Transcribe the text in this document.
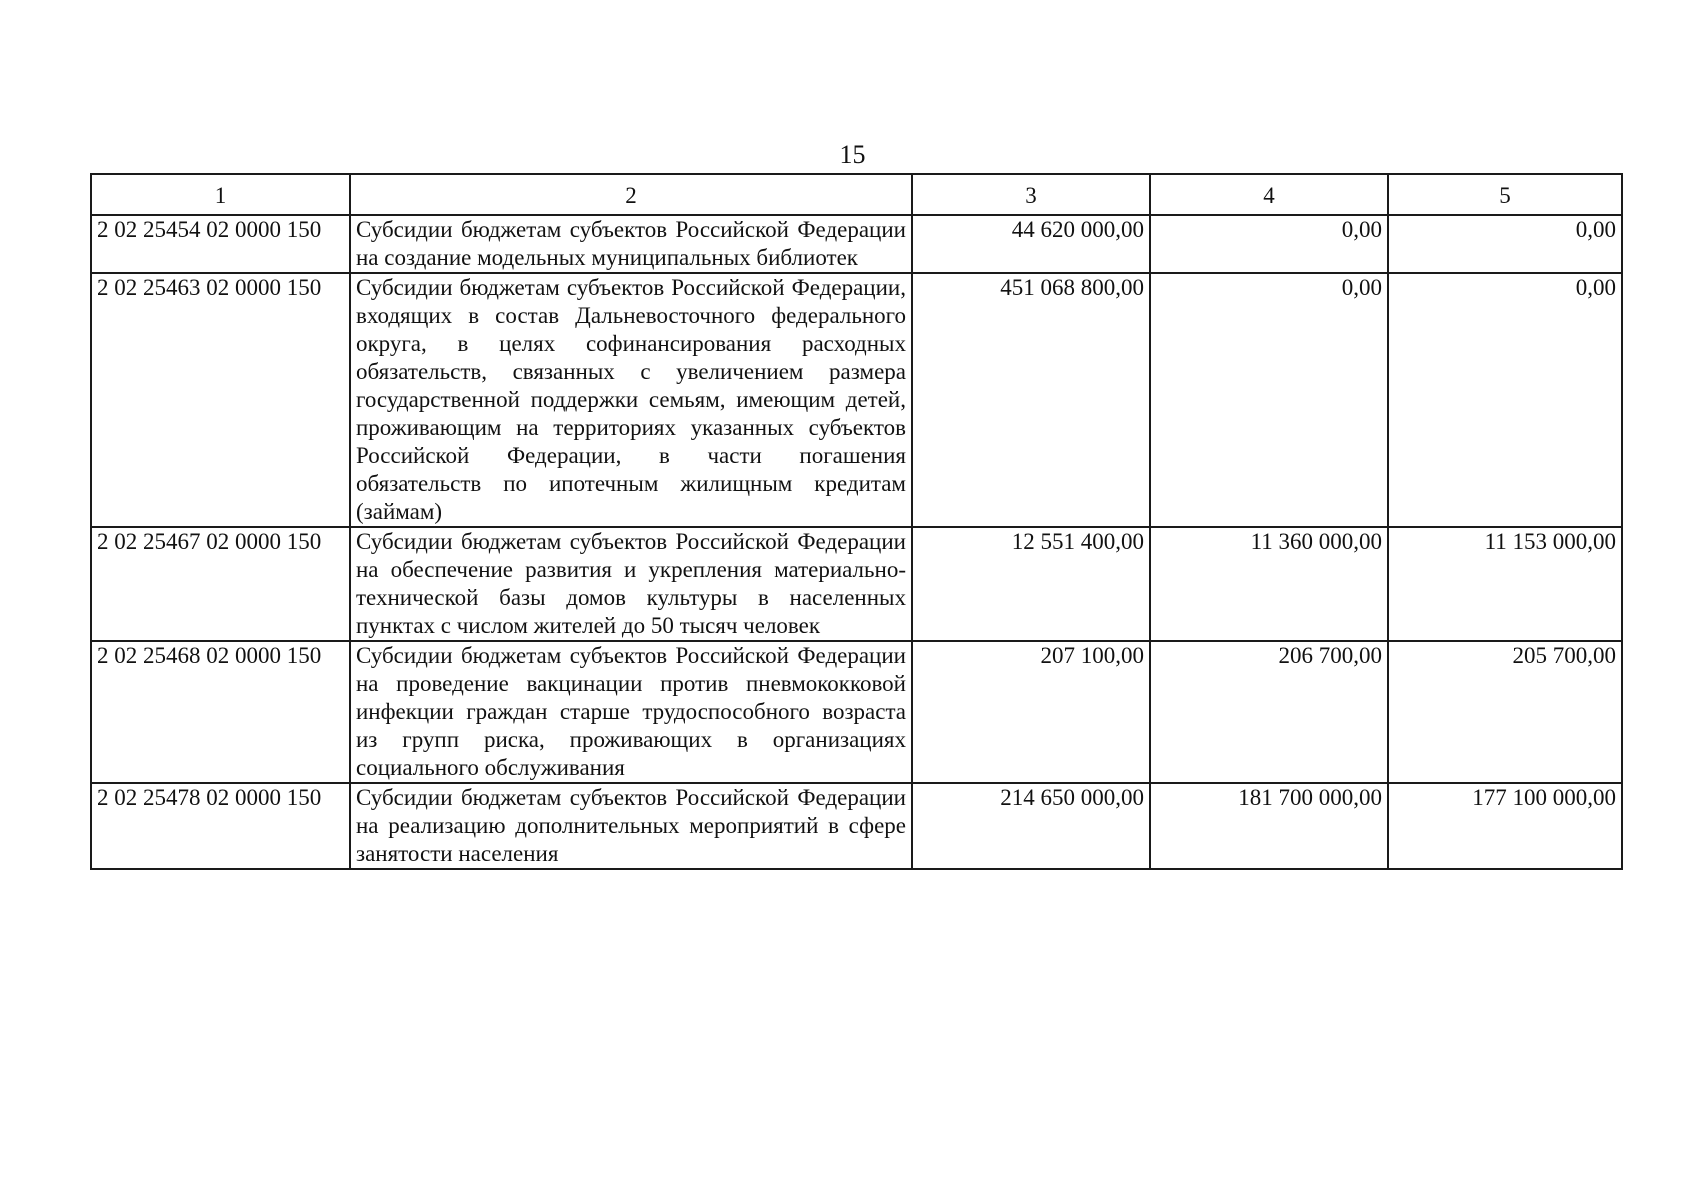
15
1	2	3	4	5
2 02 25454 02 0000 150	Субсидии бюджетам субъектов Российской Федерации на создание модельных муниципальных библиотек	44 620 000,00	0,00	0,00
2 02 25463 02 0000 150	Субсидии бюджетам субъектов Российской Федерации, входящих в состав Дальневосточного федерального округа, в целях софинансирования расходных обязательств, связанных с увеличением размера государственной поддержки семьям, имеющим детей, проживающим на территориях указанных субъектов Российской Федерации, в части погашения обязательств по ипотечным жилищным кредитам (займам)	451 068 800,00	0,00	0,00
2 02 25467 02 0000 150	Субсидии бюджетам субъектов Российской Федерации на обеспечение развития и укрепления материально-технической базы домов культуры в населенных пунктах с числом жителей до 50 тысяч человек	12 551 400,00	11 360 000,00	11 153 000,00
2 02 25468 02 0000 150	Субсидии бюджетам субъектов Российской Федерации на проведение вакцинации против пневмококковой инфекции граждан старше трудоспособного возраста из групп риска, проживающих в организациях социального обслуживания	207 100,00	206 700,00	205 700,00
2 02 25478 02 0000 150	Субсидии бюджетам субъектов Российской Федерации на реализацию дополнительных мероприятий в сфере занятости населения	214 650 000,00	181 700 000,00	177 100 000,00
